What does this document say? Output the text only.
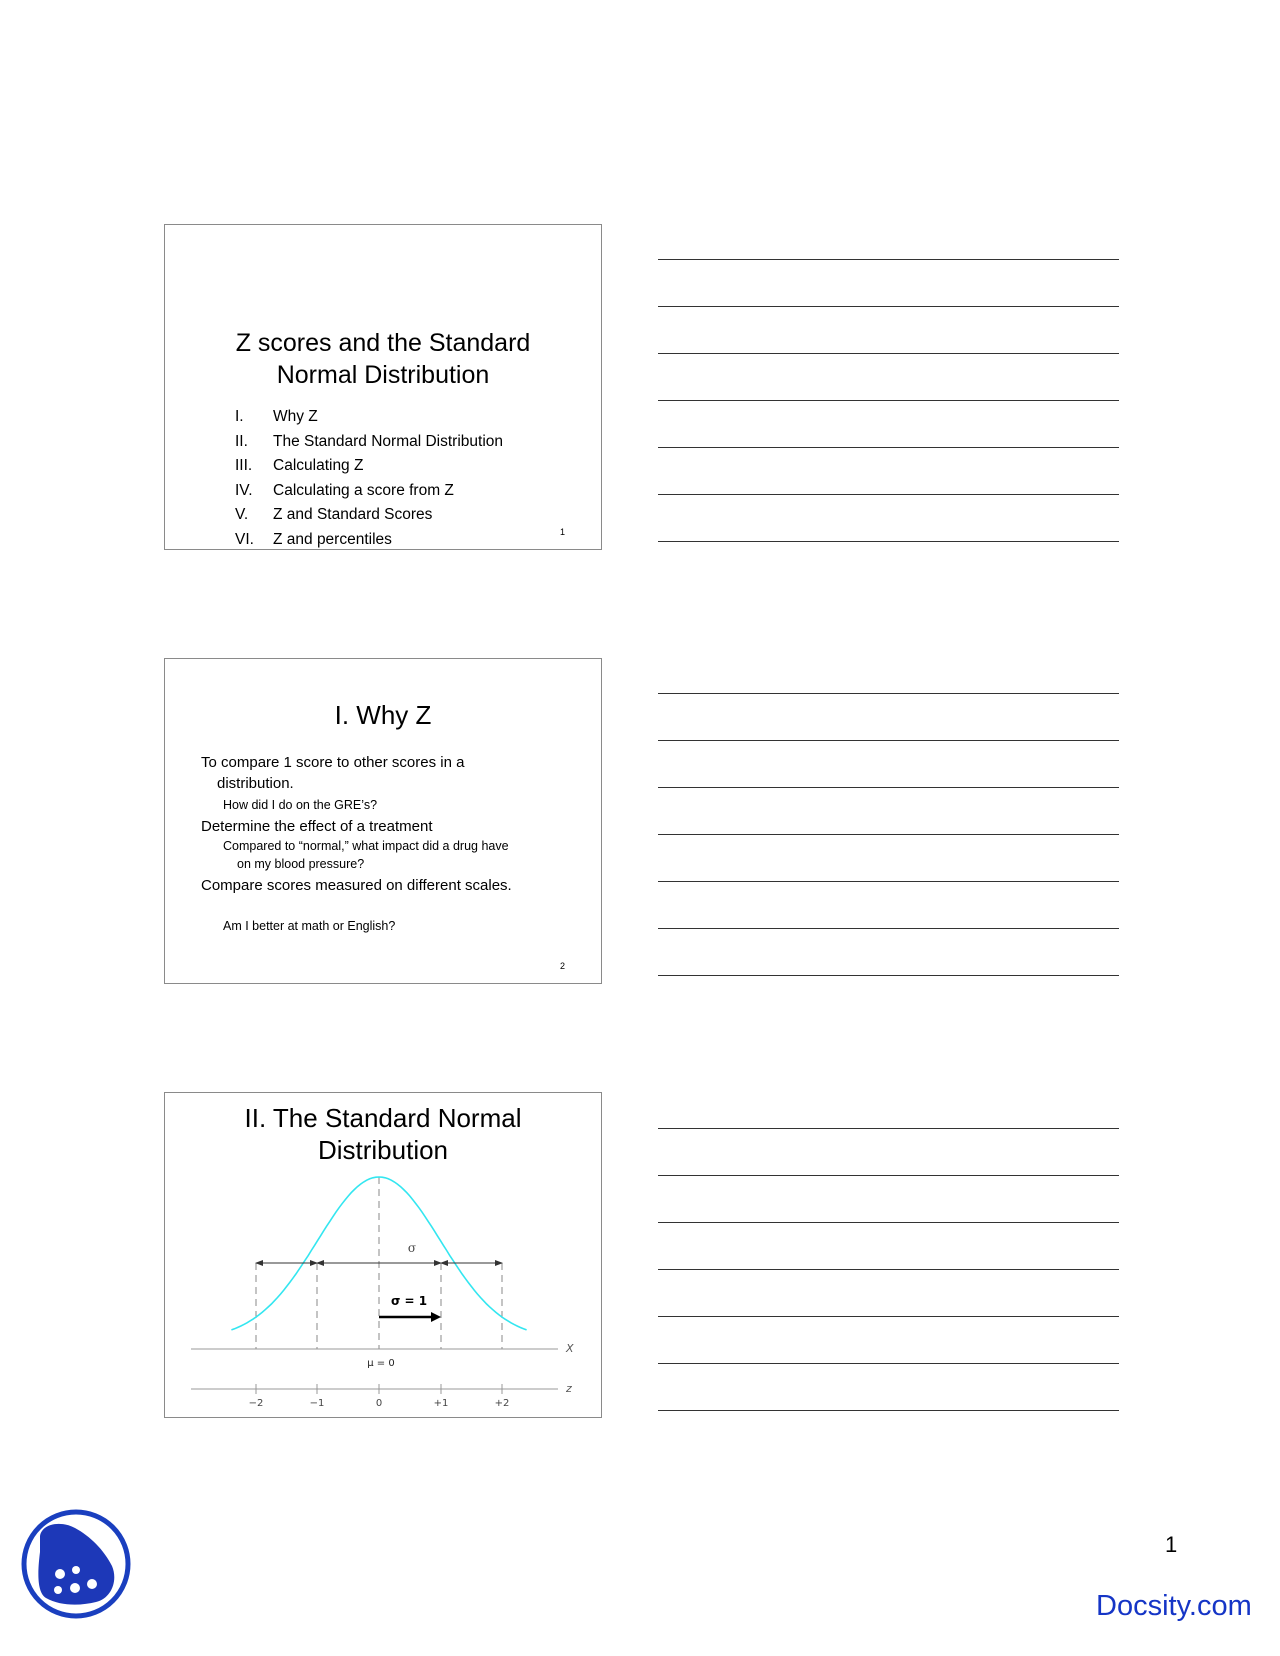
Z scores and the Standard
Normal Distribution
I. Why Z
II. The Standard Normal Distribution
III. Calculating Z
IV. Calculating a score from Z
V. Z and Standard Scores
VI. Z and percentiles	1
I. Why Z
To compare 1 score to other scores in a
distribution.
How did I do on the GRE’s?
Determine the effect of a treatment
Compared to “normal,” what impact did a drug have
on my blood pressure?
Compare scores measured on different scales.
Am I better at math or English?
2
II. The Standard Normal
Distribution
σ
σ = 1
X
μ = 0
z
−2	−1	0	+1	+2
1
Docsity.com
